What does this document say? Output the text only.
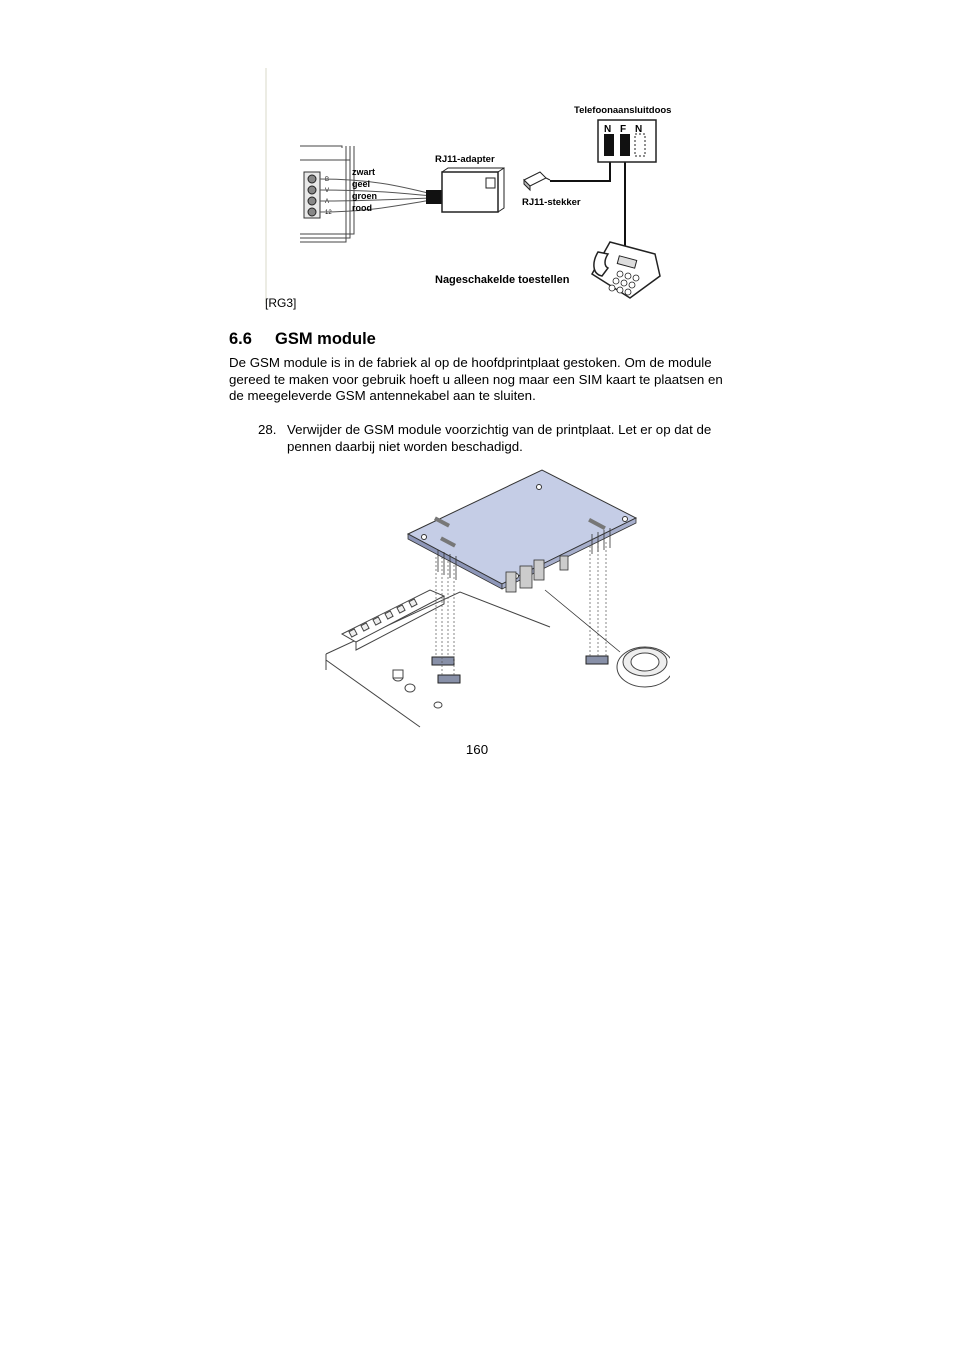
B
V
A
12
zwart
geel
groen
rood
RJ11-adapter
RJ11-stekker
N F N
Telefoonaansluitdoos
Nageschakelde toestellen
[RG3]
6.6 GSM module
De GSM module is in de fabriek al op de hoofdprintplaat gestoken. Om de module gereed te maken voor gebruik hoeft u alleen nog maar een SIM kaart te plaatsen en de meegeleverde GSM antennekabel aan te sluiten.
28. Verwijder de GSM module voorzichtig van de printplaat. Let er op dat de pennen daarbij niet worden beschadigd.
160
